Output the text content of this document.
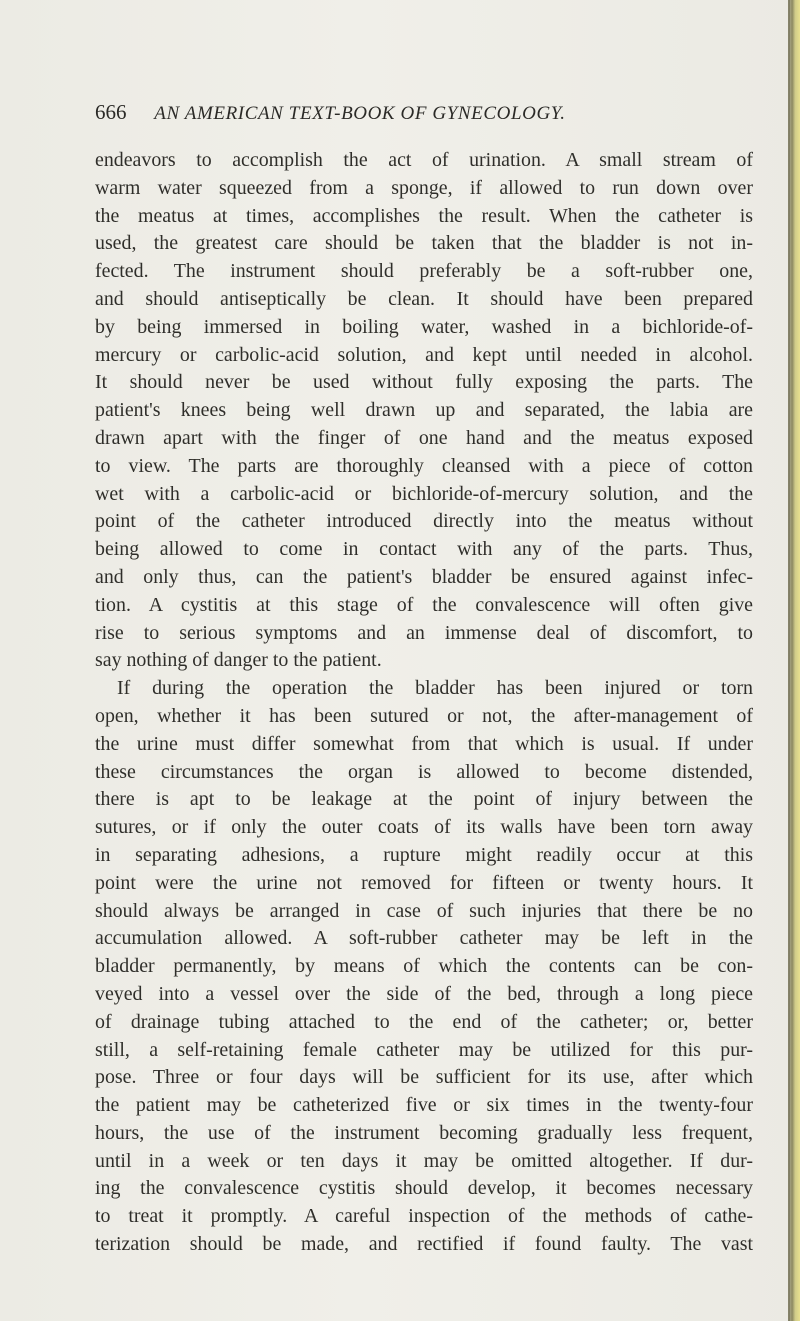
666 AN AMERICAN TEXT-BOOK OF GYNECOLOGY.
endeavors to accomplish the act of urination. A small stream of
warm water squeezed from a sponge, if allowed to run down over
the meatus at times, accomplishes the result. When the catheter is
used, the greatest care should be taken that the bladder is not in-
fected. The instrument should preferably be a soft-rubber one,
and should antiseptically be clean. It should have been prepared
by being immersed in boiling water, washed in a bichloride-of-
mercury or carbolic-acid solution, and kept until needed in alcohol.
It should never be used without fully exposing the parts. The
patient's knees being well drawn up and separated, the labia are
drawn apart with the finger of one hand and the meatus exposed
to view. The parts are thoroughly cleansed with a piece of cotton
wet with a carbolic-acid or bichloride-of-mercury solution, and the
point of the catheter introduced directly into the meatus without
being allowed to come in contact with any of the parts. Thus,
and only thus, can the patient's bladder be ensured against infec-
tion. A cystitis at this stage of the convalescence will often give
rise to serious symptoms and an immense deal of discomfort, to
say nothing of danger to the patient.
If during the operation the bladder has been injured or torn
open, whether it has been sutured or not, the after-management of
the urine must differ somewhat from that which is usual. If under
these circumstances the organ is allowed to become distended,
there is apt to be leakage at the point of injury between the
sutures, or if only the outer coats of its walls have been torn away
in separating adhesions, a rupture might readily occur at this
point were the urine not removed for fifteen or twenty hours. It
should always be arranged in case of such injuries that there be no
accumulation allowed. A soft-rubber catheter may be left in the
bladder permanently, by means of which the contents can be con-
veyed into a vessel over the side of the bed, through a long piece
of drainage tubing attached to the end of the catheter; or, better
still, a self-retaining female catheter may be utilized for this pur-
pose. Three or four days will be sufficient for its use, after which
the patient may be catheterized five or six times in the twenty-four
hours, the use of the instrument becoming gradually less frequent,
until in a week or ten days it may be omitted altogether. If dur-
ing the convalescence cystitis should develop, it becomes necessary
to treat it promptly. A careful inspection of the methods of cathe-
terization should be made, and rectified if found faulty. The vast
